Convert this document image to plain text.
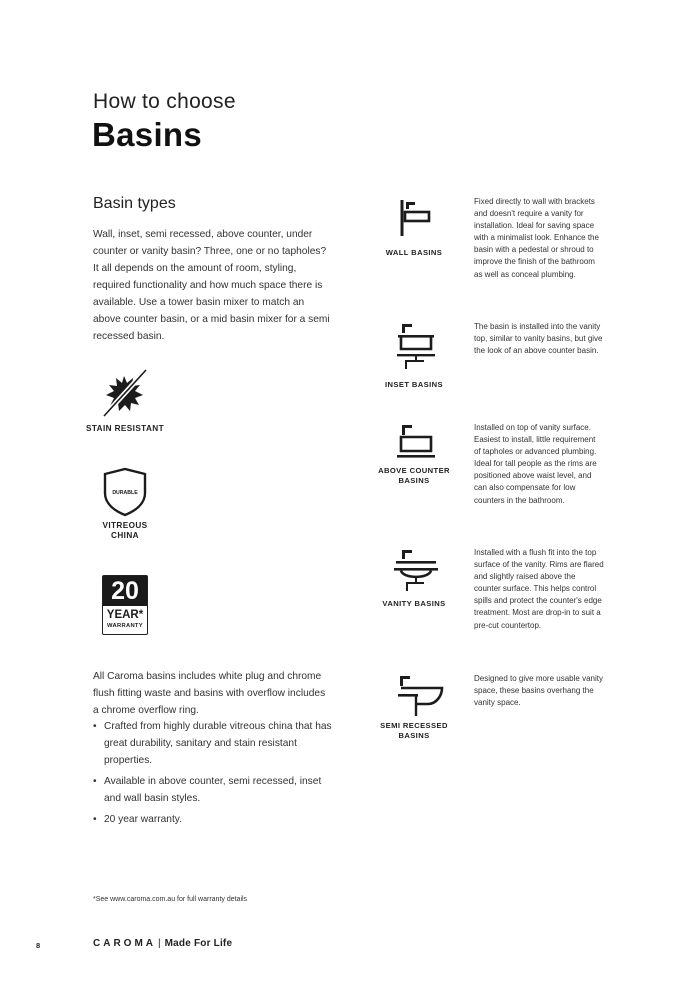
How to choose
Basins
Basin types
Wall, inset, semi recessed, above counter, under counter or vanity basin? Three, one or no tapholes? It all depends on the amount of room, styling, required functionality and how much space there is available. Use a tower basin mixer to match an above counter basin, or a mid basin mixer for a semi recessed basin.
STAIN RESISTANT
DURABLE
VITREOUS
CHINA
20
YEAR*
WARRANTY
All Caroma basins includes white plug and chrome flush fitting waste and basins with overflow includes a chrome overflow ring.
• Crafted from highly durable vitreous china that has great durability, sanitary and stain resistant properties.
• Available in above counter, semi recessed, inset and wall basin styles.
• 20 year warranty.
WALL BASINS
Fixed directly to wall with brackets and doesn't require a vanity for installation. Ideal for saving space with a minimalist look. Enhance the basin with a pedestal or shroud to improve the finish of the bathroom as well as conceal plumbing.
INSET BASINS
The basin is installed into the vanity top, similar to vanity basins, but give the look of an above counter basin.
ABOVE COUNTER
BASINS
Installed on top of vanity surface. Easiest to install, little requirement of tapholes or advanced plumbing. Ideal for tall people as the rims are positioned above waist level, and can also compensate for low counters in the bathroom.
VANITY BASINS
Installed with a flush fit into the top surface of the vanity. Rims are flared and slightly raised above the counter surface. This helps control spills and protect the counter's edge treatment. Most are drop-in to suit a pre-cut countertop.
SEMI RECESSED
BASINS
Designed to give more usable vanity space, these basins overhang the vanity space.
*See www.caroma.com.au for full warranty details
8	CAROMA | Made For Life
